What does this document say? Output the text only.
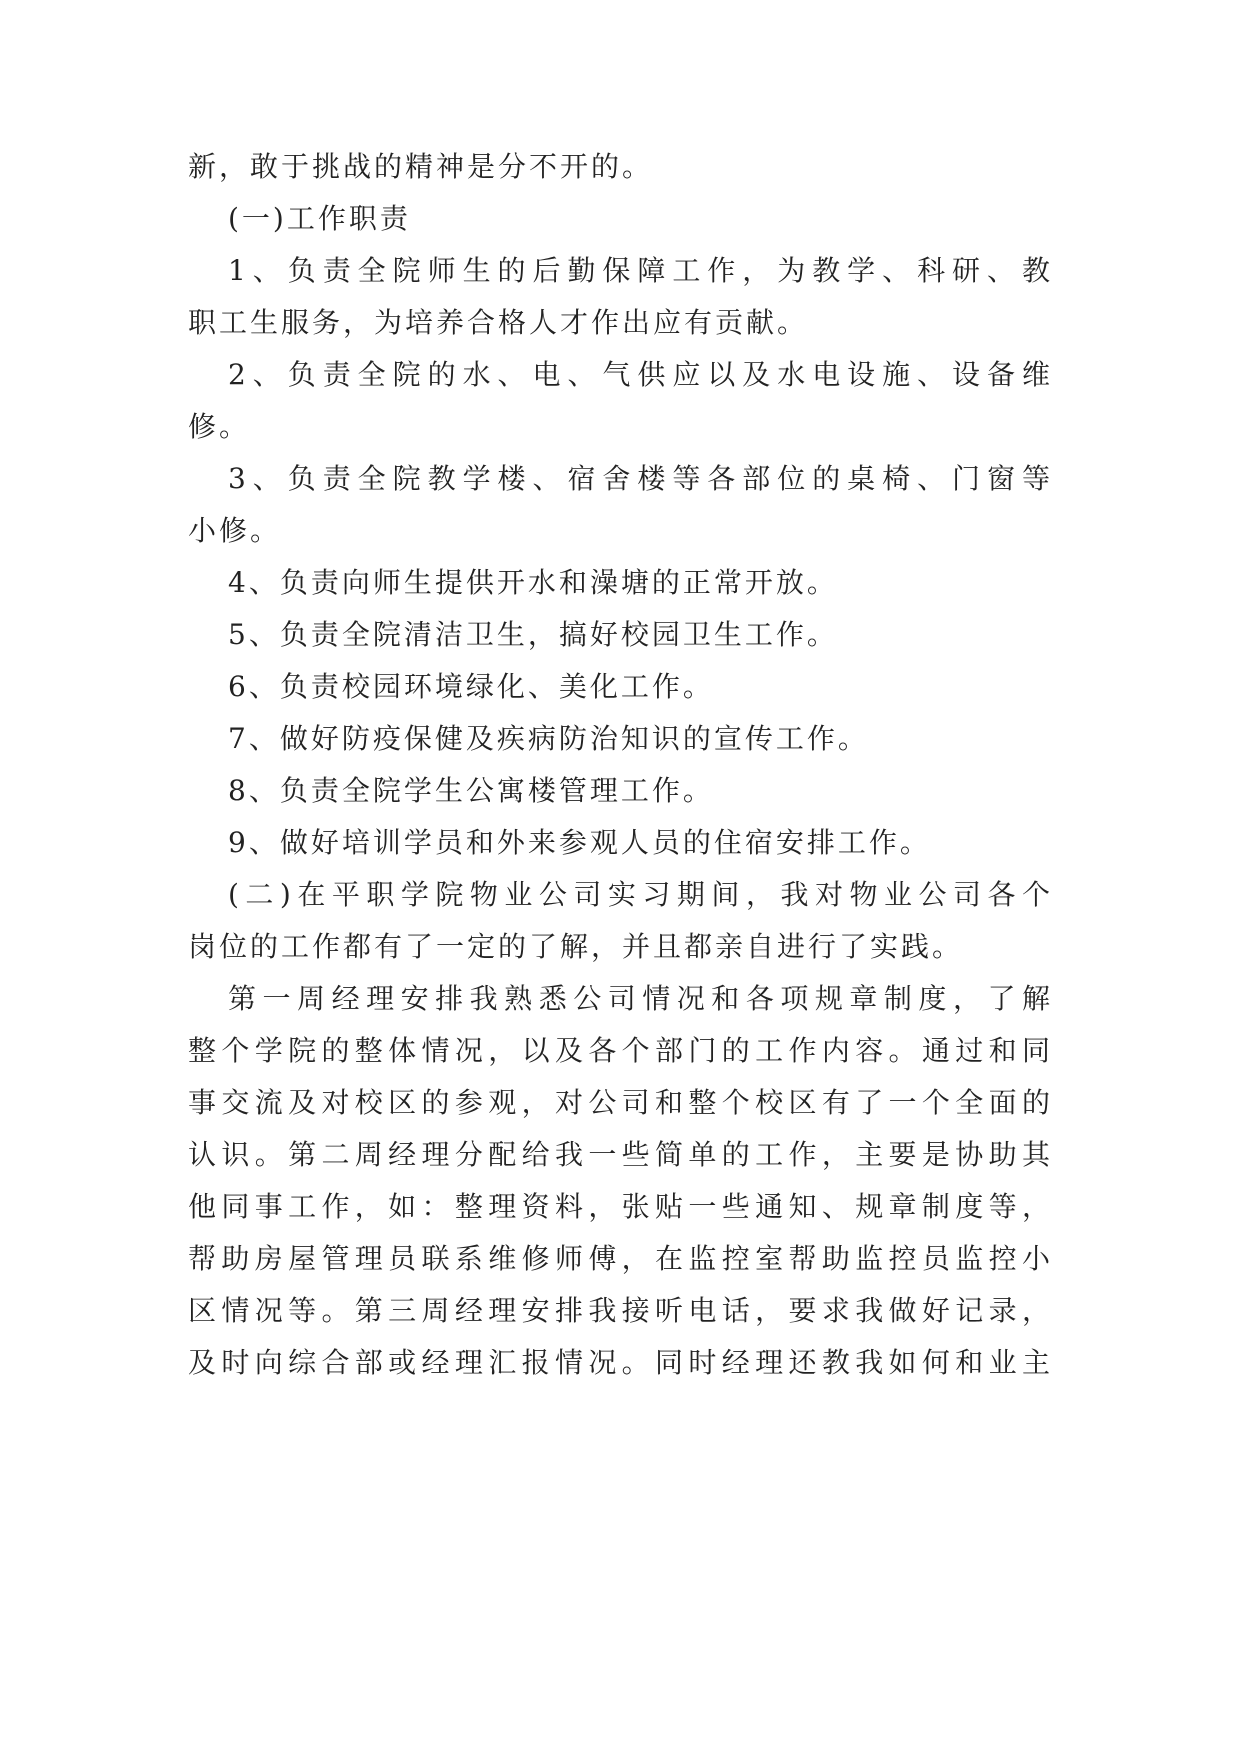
新，敢于挑战的精神是分不开的。
(一)工作职责
1、负责全院师生的后勤保障工作，为教学、科研、教
职工生服务，为培养合格人才作出应有贡献。
2、负责全院的水、电、气供应以及水电设施、设备维
修。
3、负责全院教学楼、宿舍楼等各部位的桌椅、门窗等
小修。
4、负责向师生提供开水和澡塘的正常开放。
5、负责全院清洁卫生，搞好校园卫生工作。
6、负责校园环境绿化、美化工作。
7、做好防疫保健及疾病防治知识的宣传工作。
8、负责全院学生公寓楼管理工作。
9、做好培训学员和外来参观人员的住宿安排工作。
(二)在平职学院物业公司实习期间，我对物业公司各个
岗位的工作都有了一定的了解，并且都亲自进行了实践。
第一周经理安排我熟悉公司情况和各项规章制度，了解
整个学院的整体情况，以及各个部门的工作内容。通过和同
事交流及对校区的参观，对公司和整个校区有了一个全面的
认识。第二周经理分配给我一些简单的工作，主要是协助其
他同事工作，如：整理资料，张贴一些通知、规章制度等，
帮助房屋管理员联系维修师傅，在监控室帮助监控员监控小
区情况等。第三周经理安排我接听电话，要求我做好记录，
及时向综合部或经理汇报情况。同时经理还教我如何和业主
